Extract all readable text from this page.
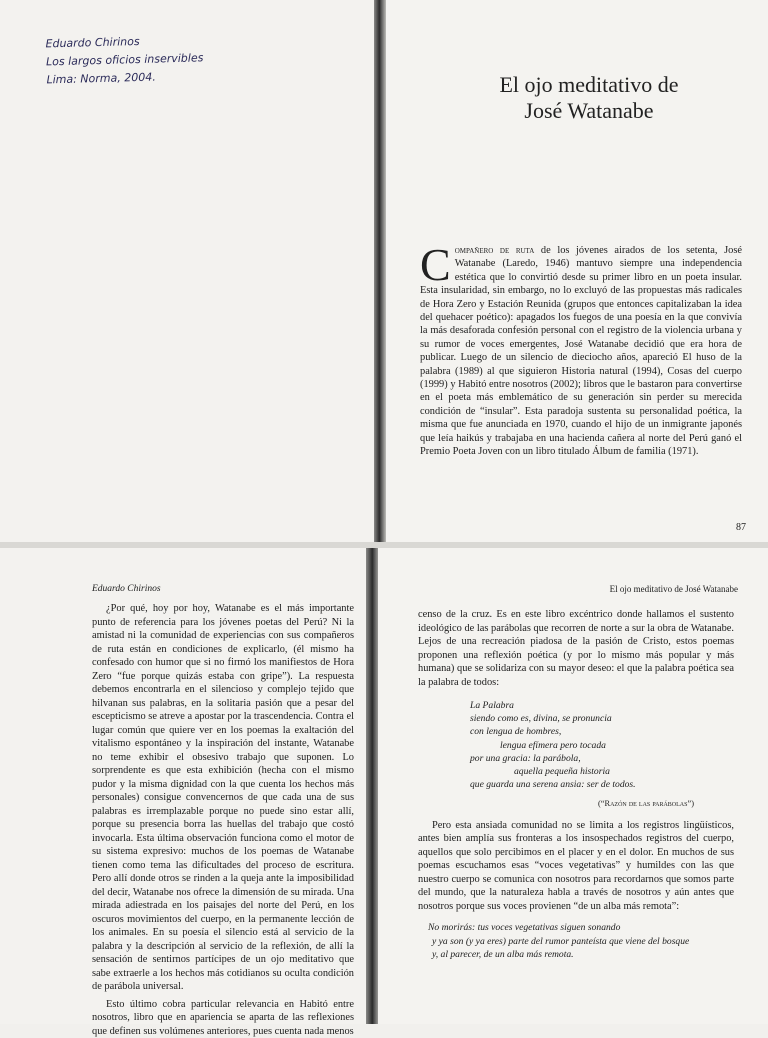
Eduardo Chirinos
Los largos oficios inservibles
Lima: Norma, 2004.	El ojo meditativo de
José Watanabe
Compañero de ruta de los jóvenes airados de los setenta, José Watanabe (Laredo, 1946) mantuvo siempre una independencia estética que lo convirtió desde su primer libro en un poeta insular. Esta insularidad, sin embargo, no lo excluyó de las propuestas más radicales de Hora Zero y Estación Reunida (grupos que entonces capitalizaban la idea del quehacer poético): apagados los fuegos de una poesía en la que convivía la más desaforada confesión personal con el registro de la violencia urbana y su rumor de voces emergentes, José Watanabe decidió que era hora de publicar. Luego de un silencio de dieciocho años, apareció El huso de la palabra (1989) al que siguieron Historia natural (1994), Cosas del cuerpo (1999) y Habitó entre nosotros (2002); libros que le bastaron para convertirse en el poeta más emblemático de su generación sin perder su merecida condición de “insular”. Esta paradoja sustenta su personalidad poética, la misma que fue anunciada en 1970, cuando el hijo de un inmigrante japonés que leía haikús y trabajaba en una hacienda cañera al norte del Perú ganó el Premio Poeta Joven con un libro titulado Álbum de familia (1971).
87
Eduardo Chirinos

¿Por qué, hoy por hoy, Watanabe es el más importante punto de referencia para los jóvenes poetas del Perú? Ni la amistad ni la comunidad de experiencias con sus compañeros de ruta están en condiciones de explicarlo, (él mismo ha confesado con humor que si no firmó los manifiestos de Hora Zero “fue porque quizás estaba con gripe”). La respuesta debemos encontrarla en el silencioso y complejo tejido que hilvanan sus palabras, en la solitaria pasión que a pesar del escepticismo se atreve a apostar por la trascendencia. Contra el lugar común que quiere ver en los poemas la exaltación del vitalismo espontáneo y la inspiración del instante, Watanabe no teme exhibir el obsesivo trabajo que suponen. Lo sorprendente es que esta exhibición (hecha con el mismo pudor y la misma dignidad con la que cuenta los hechos más personales) consigue convencernos de que cada una de sus palabras es irremplazable porque no puede sino estar allí, porque su presencia borra las huellas del trabajo que costó invocarla. Esta última observación funciona como el motor de su sistema expresivo: muchos de los poemas de Watanabe tienen como tema las dificultades del proceso de escritura. Pero allí donde otros se rinden a la queja ante la imposibilidad del decir, Watanabe nos ofrece la dimensión de su mirada. Una mirada adiestrada en los paisajes del norte del Perú, en los oscuros movimientos del cuerpo, en la permanente lección de los animales. En su poesía el silencio está al servicio de la palabra y la descripción al servicio de la reflexión, de allí la sensación de sentirnos partícipes de un ojo meditativo que sabe extraerle a los hechos más cotidianos su oculta condición de parábola universal.

Esto último cobra particular relevancia en Habitó entre nosotros, libro que en apariencia se aparta de las reflexiones que definen sus volúmenes anteriores, pues cuenta nada menos

censo de la cruz. Es en este libro excéntrico donde hallamos el sustento ideológico de las parábolas que recorren de norte a sur la obra de Watanabe. Lejos de una recreación piadosa de la pasión de Cristo, estos poemas proponen una reflexión poética (y por lo mismo más popular y más humana) que se solidariza con su mayor deseo: el que la palabra poética sea la palabra de todos:

La Palabra
siendo como es, divina, se pronuncia
con lengua de hombres,
lengua efímera pero tocada
por una gracia: la parábola,
aquella pequeña historia
que guarda una serena ansia: ser de todos.
(“Razón de las parábolas”)

Pero esta ansiada comunidad no se limita a los registros lingüísticos, antes bien amplía sus fronteras a los insospechados registros del cuerpo, aquellos que solo percibimos en el placer y en el dolor. En muchos de sus poemas escuchamos esas “voces vegetativas” y humildes con las que nuestro cuerpo se comunica con nosotros para recordarnos que somos parte del mundo, que la naturaleza habla a través de nosotros y aún antes que nosotros porque sus voces provienen “de un alba más remota”:

No morirás: tus voces vegetativas siguen sonando
y ya son (y ya eres) parte del rumor panteísta que viene del bosque
y, al parecer, de un alba más remota.
El ojo meditativo de José Watanabe
